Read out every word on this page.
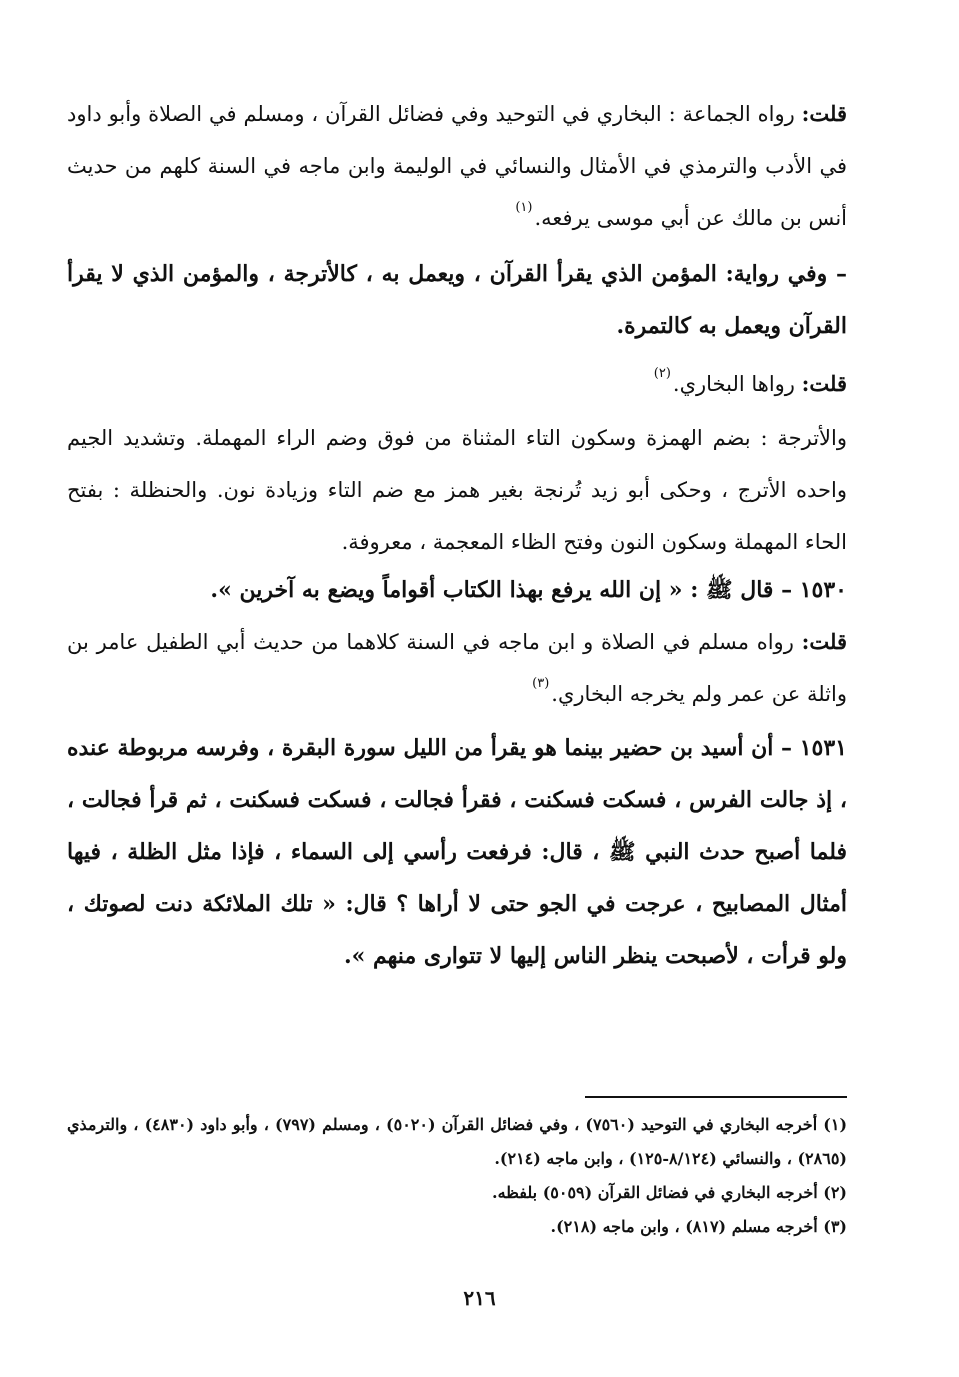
قلت: رواه الجماعة : البخاري في التوحيد وفي فضائل القرآن ، ومسلم في الصلاة وأبو داود في الأدب والترمذي في الأمثال والنسائي في الوليمة وابن ماجه في السنة كلهم من حديث أنس بن مالك عن أبي موسى يرفعه.$^{(١)}$
– وفي رواية: المؤمن الذي يقرأ القرآن ، ويعمل به ، كالأترجة ، والمؤمن الذي لا يقرأ القرآن ويعمل به كالتمرة.
قلت: رواها البخاري.$^{(٢)}$
والأترجة : بضم الهمزة وسكون التاء المثناة من فوق وضم الراء المهملة. وتشديد الجيم واحده الأترج ، وحكى أبو زيد تُرنجة بغير همز مع ضم التاء وزيادة نون. والحنظلة : بفتح الحاء المهملة وسكون النون وفتح الظاء المعجمة ، معروفة.
١٥٣٠ – قال ﷺ : « إن الله يرفع بهذا الكتاب أقواماً ويضع به آخرين ».
قلت: رواه مسلم في الصلاة و ابن ماجه في السنة كلاهما من حديث أبي الطفيل عامر بن واثلة عن عمر ولم يخرجه البخاري.$^{(٣)}$
١٥٣١ – أن أسيد بن حضير بينما هو يقرأ من الليل سورة البقرة ، وفرسه مربوطة عنده ، إذ جالت الفرس ، فسكت فسكنت ، فقرأ فجالت ، فسكت فسكنت ، ثم قرأ فجالت ، فلما أصبح حدث النبي ﷺ ، قال: فرفعت رأسي إلى السماء ، فإذا مثل الظلة ، فيها أمثال المصابيح ، عرجت في الجو حتى لا أراها ؟ قال: « تلك الملائكة دنت لصوتك ، ولو قرأت ، لأصبحت ينظر الناس إليها لا تتوارى منهم ».
(١) أخرجه البخاري في التوحيد (٧٥٦٠) ، وفي فضائل القرآن (٥٠٢٠) ، ومسلم (٧٩٧) ، وأبو داود (٤٨٣٠) ، والترمذي (٢٨٦٥) ، والنسائي (٨/١٢٤-١٢٥) ، وابن ماجه (٢١٤).
(٢) أخرجه البخاري في فضائل القرآن (٥٠٥٩) بلفظه.
(٣) أخرجه مسلم (٨١٧) ، وابن ماجه (٢١٨).
٢١٦
